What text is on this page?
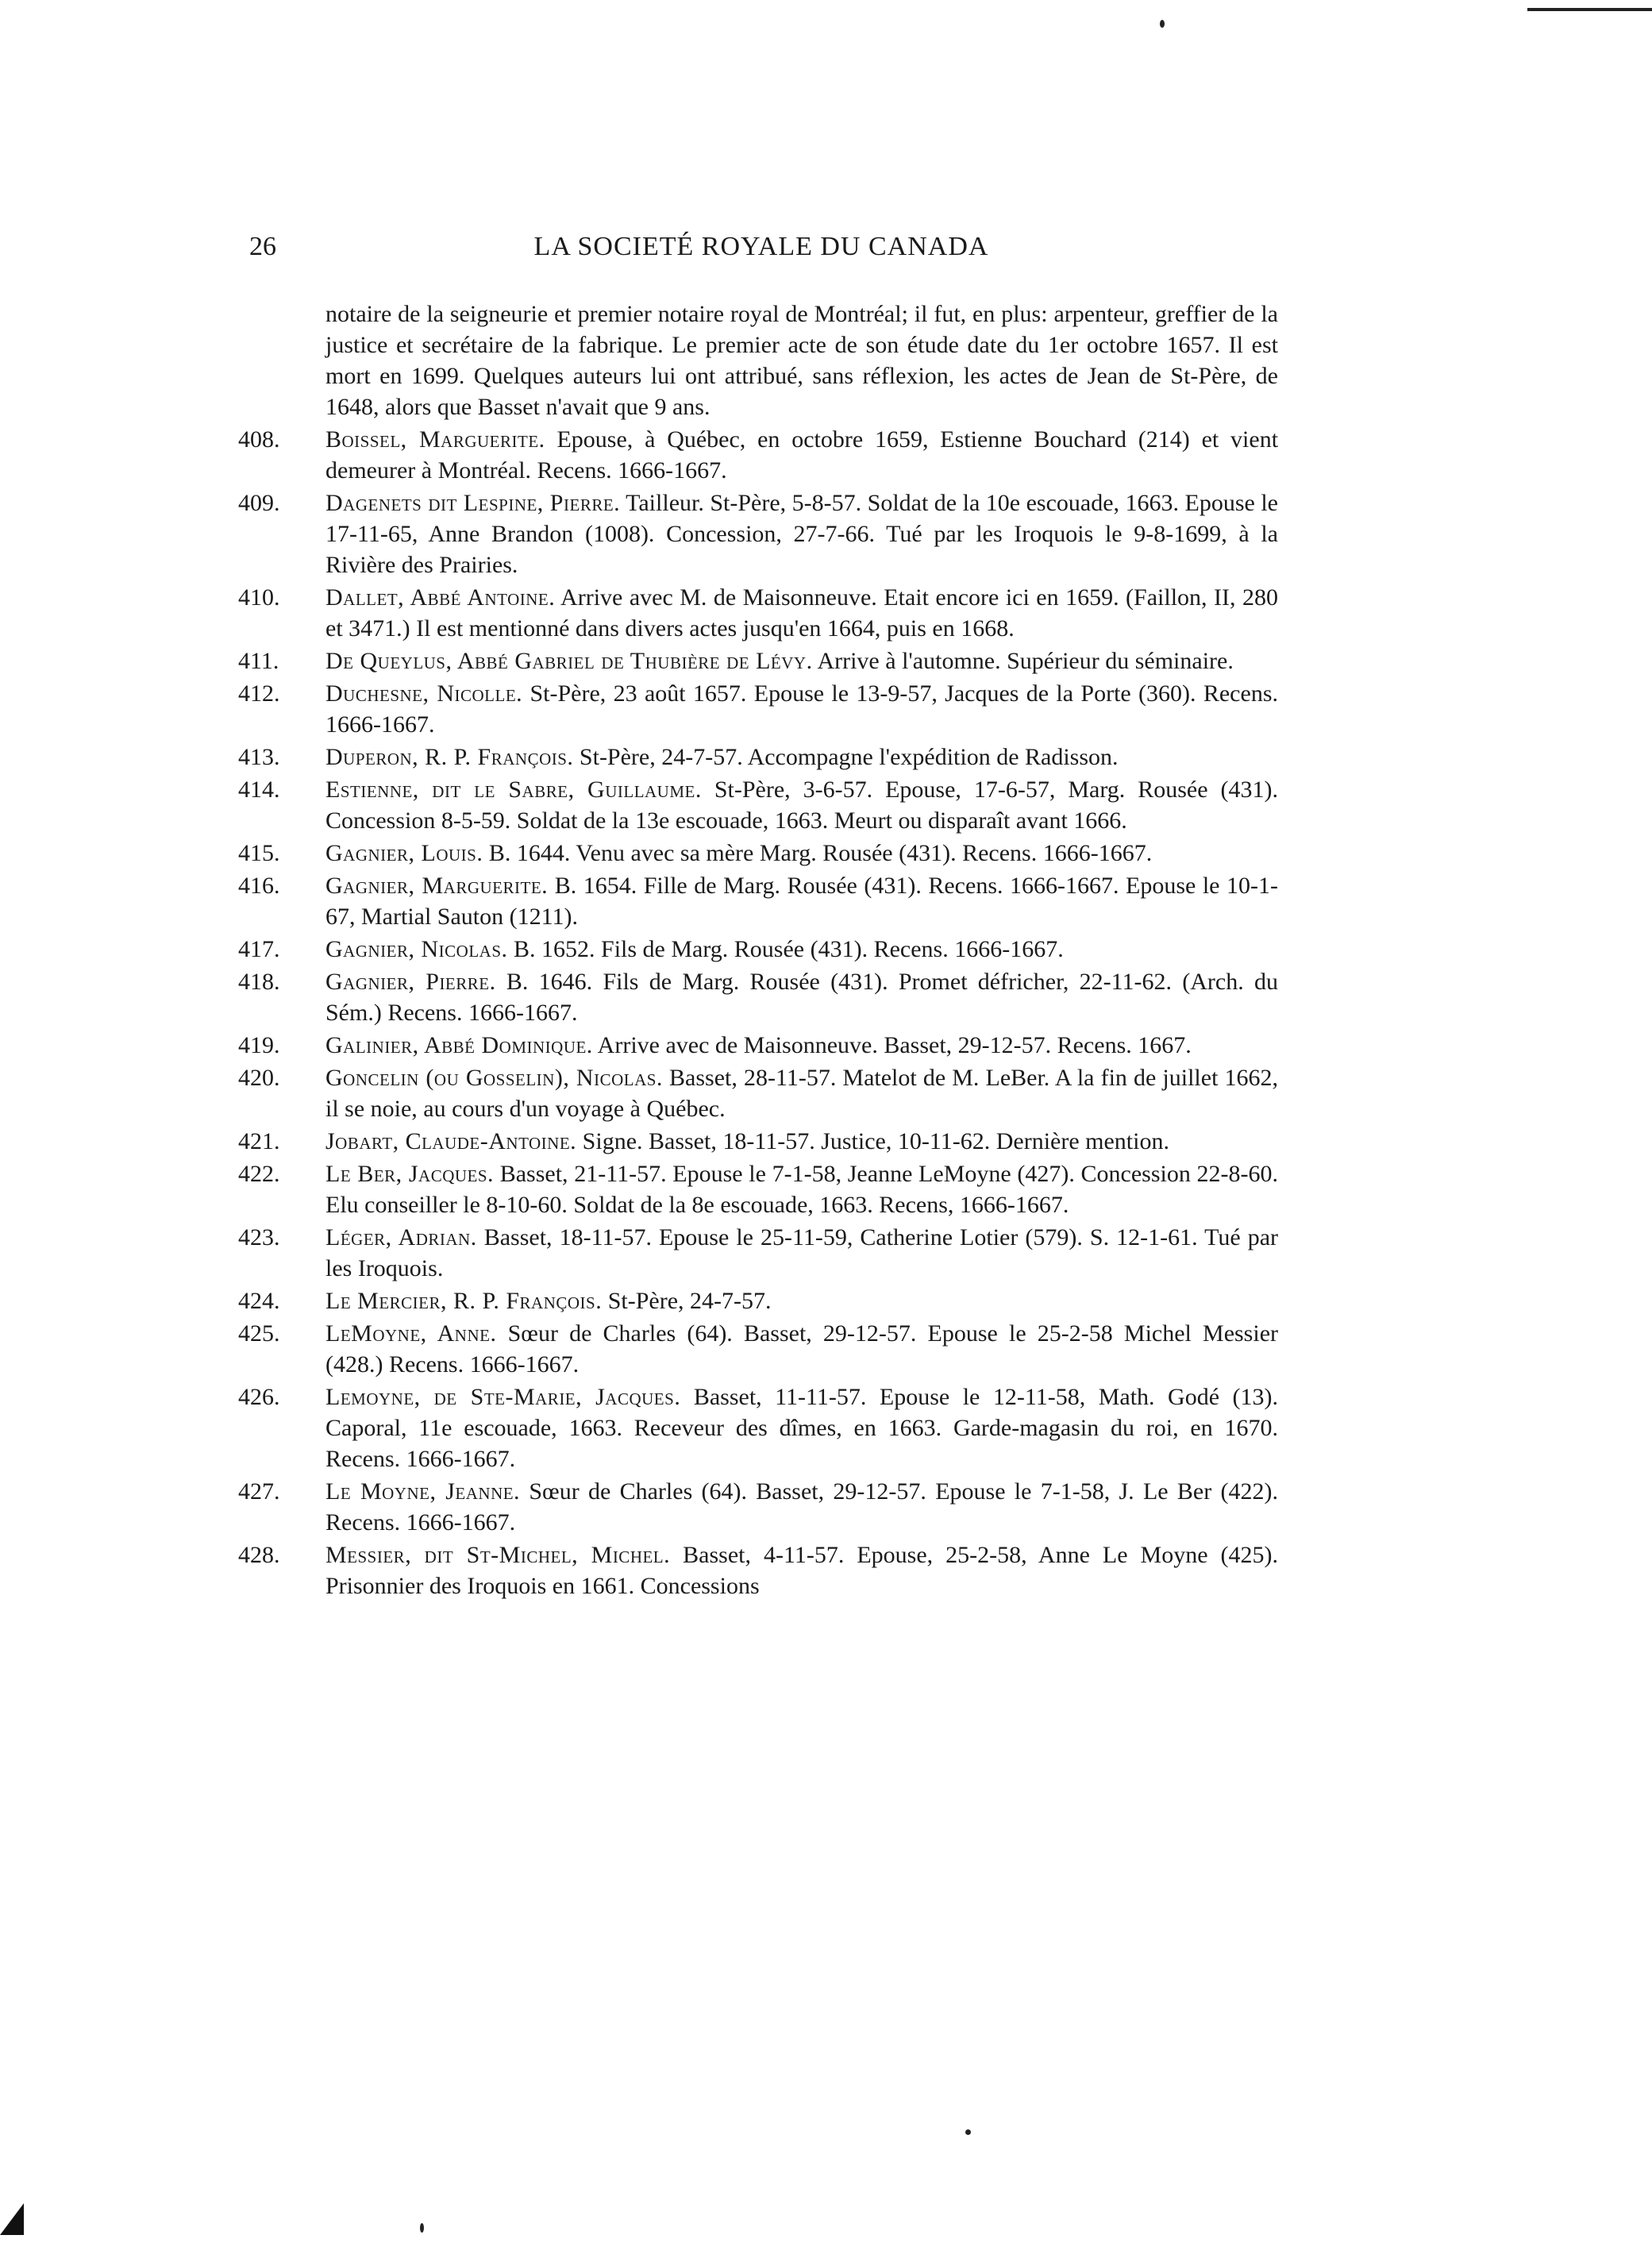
26	LA SOCIETÉ ROYALE DU CANADA
notaire de la seigneurie et premier notaire royal de Montréal; il fut, en plus: arpenteur, greffier de la justice et secrétaire de la fabrique. Le premier acte de son étude date du 1er octobre 1657. Il est mort en 1699. Quelques auteurs lui ont attribué, sans réflexion, les actes de Jean de St-Père, de 1648, alors que Basset n'avait que 9 ans.
408.	Boissel, Marguerite. Epouse, à Québec, en octobre 1659, Estienne Bouchard (214) et vient demeurer à Montréal. Recens. 1666-1667.
409.	Dagenets dit Lespine, Pierre. Tailleur. St-Père, 5-8-57. Soldat de la 10e escouade, 1663. Epouse le 17-11-65, Anne Brandon (1008). Concession, 27-7-66. Tué par les Iroquois le 9-8-1699, à la Rivière des Prairies.
410.	Dallet, Abbé Antoine. Arrive avec M. de Maisonneuve. Etait encore ici en 1659. (Faillon, II, 280 et 3471.) Il est mentionné dans divers actes jusqu'en 1664, puis en 1668.
411.	De Queylus, Abbé Gabriel de Thubière de Lévy. Arrive à l'automne. Supérieur du séminaire.
412.	Duchesne, Nicolle. St-Père, 23 août 1657. Epouse le 13-9-57, Jacques de la Porte (360). Recens. 1666-1667.
413.	Duperon, R. P. François. St-Père, 24-7-57. Accompagne l'expédition de Radisson.
414.	Estienne, dit le Sabre, Guillaume. St-Père, 3-6-57. Epouse, 17-6-57, Marg. Rousée (431). Concession 8-5-59. Soldat de la 13e escouade, 1663. Meurt ou disparaît avant 1666.
415.	Gagnier, Louis. B. 1644. Venu avec sa mère Marg. Rousée (431). Recens. 1666-1667.
416.	Gagnier, Marguerite. B. 1654. Fille de Marg. Rousée (431). Recens. 1666-1667. Epouse le 10-1-67, Martial Sauton (1211).
417.	Gagnier, Nicolas. B. 1652. Fils de Marg. Rousée (431). Recens. 1666-1667.
418.	Gagnier, Pierre. B. 1646. Fils de Marg. Rousée (431). Promet défricher, 22-11-62. (Arch. du Sém.) Recens. 1666-1667.
419.	Galinier, Abbé Dominique. Arrive avec de Maisonneuve. Basset, 29-12-57. Recens. 1667.
420.	Goncelin (ou Gosselin), Nicolas. Basset, 28-11-57. Matelot de M. LeBer. A la fin de juillet 1662, il se noie, au cours d'un voyage à Québec.
421.	Jobart, Claude-Antoine. Signe. Basset, 18-11-57. Justice, 10-11-62. Dernière mention.
422.	Le Ber, Jacques. Basset, 21-11-57. Epouse le 7-1-58, Jeanne LeMoyne (427). Concession 22-8-60. Elu conseiller le 8-10-60. Soldat de la 8e escouade, 1663. Recens, 1666-1667.
423.	Léger, Adrian. Basset, 18-11-57. Epouse le 25-11-59, Catherine Lotier (579). S. 12-1-61. Tué par les Iroquois.
424.	Le Mercier, R. P. François. St-Père, 24-7-57.
425.	LeMoyne, Anne. Sœur de Charles (64). Basset, 29-12-57. Epouse le 25-2-58 Michel Messier (428.) Recens. 1666-1667.
426.	Lemoyne, de Ste-Marie, Jacques. Basset, 11-11-57. Epouse le 12-11-58, Math. Godé (13). Caporal, 11e escouade, 1663. Receveur des dîmes, en 1663. Garde-magasin du roi, en 1670. Recens. 1666-1667.
427.	Le Moyne, Jeanne. Sœur de Charles (64). Basset, 29-12-57. Epouse le 7-1-58, J. Le Ber (422). Recens. 1666-1667.
428.	Messier, dit St-Michel, Michel. Basset, 4-11-57. Epouse, 25-2-58, Anne Le Moyne (425). Prisonnier des Iroquois en 1661. Concessions
